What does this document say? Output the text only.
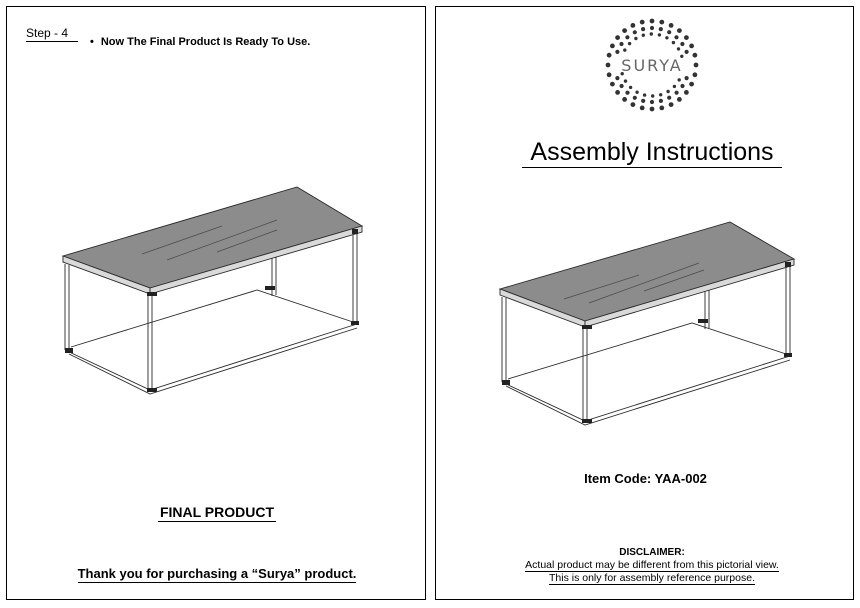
Step - 4
• Now The Final Product Is Ready To Use.
FINAL PRODUCT
Thank you for purchasing a “Surya” product.
SURYA
Assembly Instructions
Item Code: YAA-002
DISCLAIMER:
Actual product may be different from this pictorial view.
This is only for assembly reference purpose.
